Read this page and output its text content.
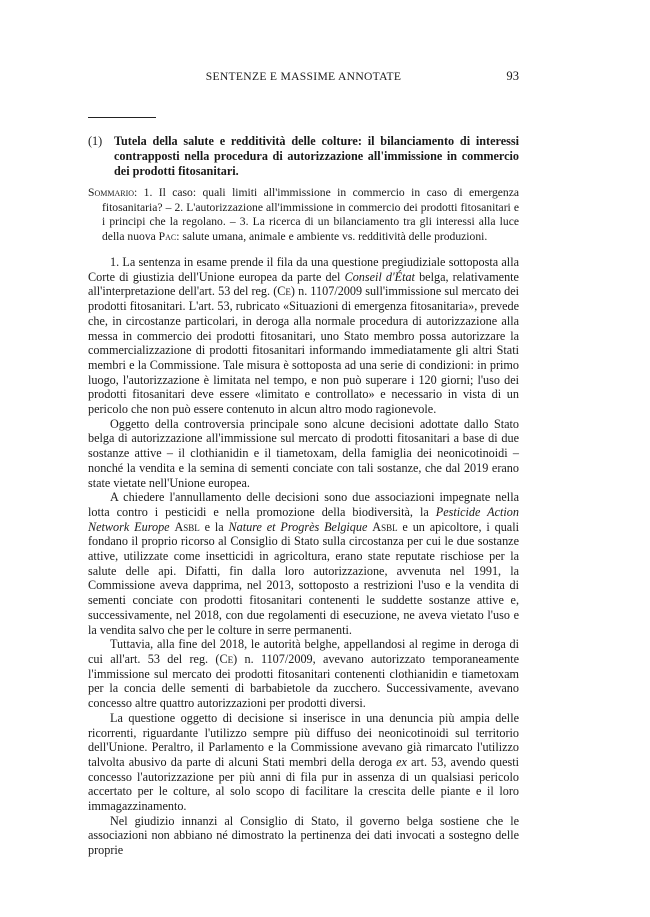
SENTENZE E MASSIME ANNOTATE	93
(1) Tutela della salute e redditività delle colture: il bilanciamento di interessi contrapposti nella procedura di autorizzazione all'immissione in commercio dei prodotti fitosanitari.

Sommario: 1. Il caso: quali limiti all'immissione in commercio in caso di emergenza fitosanitaria? – 2. L'autorizzazione all'immissione in commercio dei prodotti fitosanitari e i principi che la regolano. – 3. La ricerca di un bilanciamento tra gli interessi alla luce della nuova Pac: salute umana, animale e ambiente vs. redditività delle produzioni.

1. La sentenza in esame prende il fila da una questione pregiudiziale sottoposta alla Corte di giustizia dell'Unione europea da parte del Conseil d'État belga, relativamente all'interpretazione dell'art. 53 del reg. (Ce) n. 1107/2009 sull'immissione sul mercato dei prodotti fitosanitari. L'art. 53, rubricato «Situazioni di emergenza fitosanitaria», prevede che, in circostanze particolari, in deroga alla normale procedura di autorizzazione alla messa in commercio dei prodotti fitosanitari, uno Stato membro possa autorizzare la commercializzazione di prodotti fitosanitari informando immediatamente gli altri Stati membri e la Commissione. Tale misura è sottoposta ad una serie di condizioni: in primo luogo, l'autorizzazione è limitata nel tempo, e non può superare i 120 giorni; l'uso dei prodotti fitosanitari deve essere «limitato e controllato» e necessario in vista di un pericolo che non può essere contenuto in alcun altro modo ragionevole.

Oggetto della controversia principale sono alcune decisioni adottate dallo Stato belga di autorizzazione all'immissione sul mercato di prodotti fitosanitari a base di due sostanze attive – il clothianidin e il tiametoxam, della famiglia dei neonicotinoidi – nonché la vendita e la semina di sementi conciate con tali sostanze, che dal 2019 erano state vietate nell'Unione europea.

A chiedere l'annullamento delle decisioni sono due associazioni impegnate nella lotta contro i pesticidi e nella promozione della biodiversità, la Pesticide Action Network Europe Asbl e la Nature et Progrès Belgique Asbl e un apicoltore, i quali fondano il proprio ricorso al Consiglio di Stato sulla circostanza per cui le due sostanze attive, utilizzate come insetticidi in agricoltura, erano state reputate rischiose per la salute delle api. Difatti, fin dalla loro autorizzazione, avvenuta nel 1991, la Commissione aveva dapprima, nel 2013, sottoposto a restrizioni l'uso e la vendita di sementi conciate con prodotti fitosanitari contenenti le suddette sostanze attive e, successivamente, nel 2018, con due regolamenti di esecuzione, ne aveva vietato l'uso e la vendita salvo che per le colture in serre permanenti.

Tuttavia, alla fine del 2018, le autorità belghe, appellandosi al regime in deroga di cui all'art. 53 del reg. (Ce) n. 1107/2009, avevano autorizzato temporaneamente l'immissione sul mercato dei prodotti fitosanitari contenenti clothianidin e tiametoxam per la concia delle sementi di barbabietole da zucchero. Successivamente, avevano concesso altre quattro autorizzazioni per prodotti diversi.

La questione oggetto di decisione si inserisce in una denuncia più ampia delle ricorrenti, riguardante l'utilizzo sempre più diffuso dei neonicotinoidi sul territorio dell'Unione. Peraltro, il Parlamento e la Commissione avevano già rimarcato l'utilizzo talvolta abusivo da parte di alcuni Stati membri della deroga ex art. 53, avendo questi concesso l'autorizzazione per più anni di fila pur in assenza di un qualsiasi pericolo accertato per le colture, al solo scopo di facilitare la crescita delle piante e il loro immagazzinamento.

Nel giudizio innanzi al Consiglio di Stato, il governo belga sostiene che le associazioni non abbiano né dimostrato la pertinenza dei dati invocati a sostegno delle proprie
